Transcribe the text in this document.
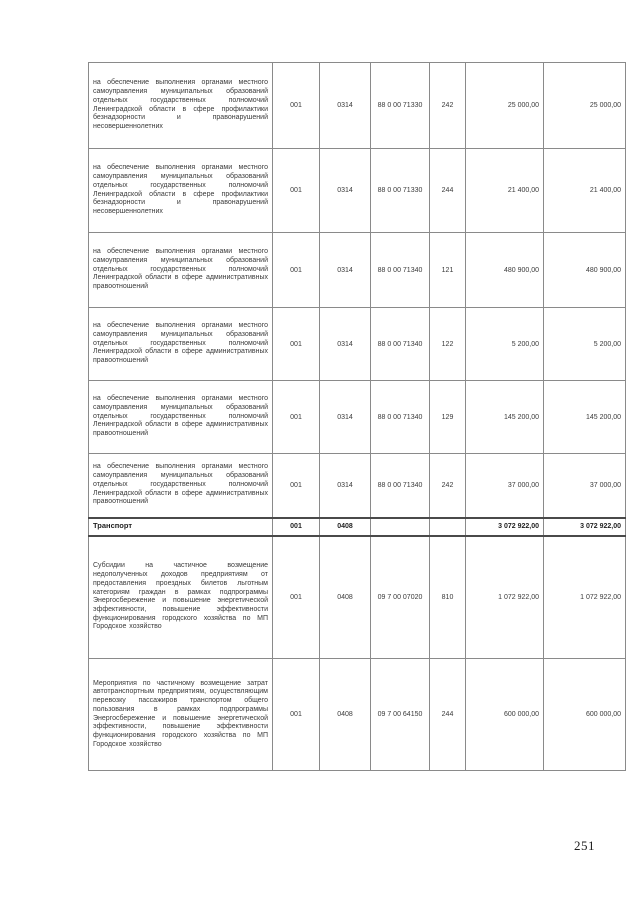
на обеспечение выполнения органами местного самоуправления муниципальных образований отдельных государственных полномочий Ленинградской области в сфере профилактики безнадзорности и правонарушений несовершеннолетних	001	0314	88 0 00 71330	242	25 000,00	25 000,00
на обеспечение выполнения органами местного самоуправления муниципальных образований отдельных государственных полномочий Ленинградской области в сфере профилактики безнадзорности и правонарушений несовершеннолетних	001	0314	88 0 00 71330	244	21 400,00	21 400,00
на обеспечение выполнения органами местного самоуправления муниципальных образований отдельных государственных полномочий Ленинградской области в сфере административных правоотношений	001	0314	88 0 00 71340	121	480 900,00	480 900,00
на обеспечение выполнения органами местного самоуправления муниципальных образований отдельных государственных полномочий Ленинградской области в сфере административных правоотношений	001	0314	88 0 00 71340	122	5 200,00	5 200,00
на обеспечение выполнения органами местного самоуправления муниципальных образований отдельных государственных полномочий Ленинградской области в сфере административных правоотношений	001	0314	88 0 00 71340	129	145 200,00	145 200,00
на обеспечение выполнения органами местного самоуправления муниципальных образований отдельных государственных полномочий Ленинградской области в сфере административных правоотношений	001	0314	88 0 00 71340	242	37 000,00	37 000,00
Транспорт	001	0408			3 072 922,00	3 072 922,00
Субсидии на частичное возмещение недополученных доходов предприятиям от предоставления проездных билетов льготным категориям граждан в рамках подпрограммы Энергосбережение и повышение энергетической эффективности, повышение эффективности функционирования городского хозяйства по МП Городское хозяйство	001	0408	09 7 00 07020	810	1 072 922,00	1 072 922,00
Мероприятия по частичному возмещение затрат автотранспортным предприятиям, осуществляющим перевозку пассажиров транспортом общего пользования в рамках подпрограммы Энергосбережение и повышение энергетической эффективности, повышение эффективности функционирования городского хозяйства по МП Городское хозяйство	001	0408	09 7 00 64150	244	600 000,00	600 000,00
251
